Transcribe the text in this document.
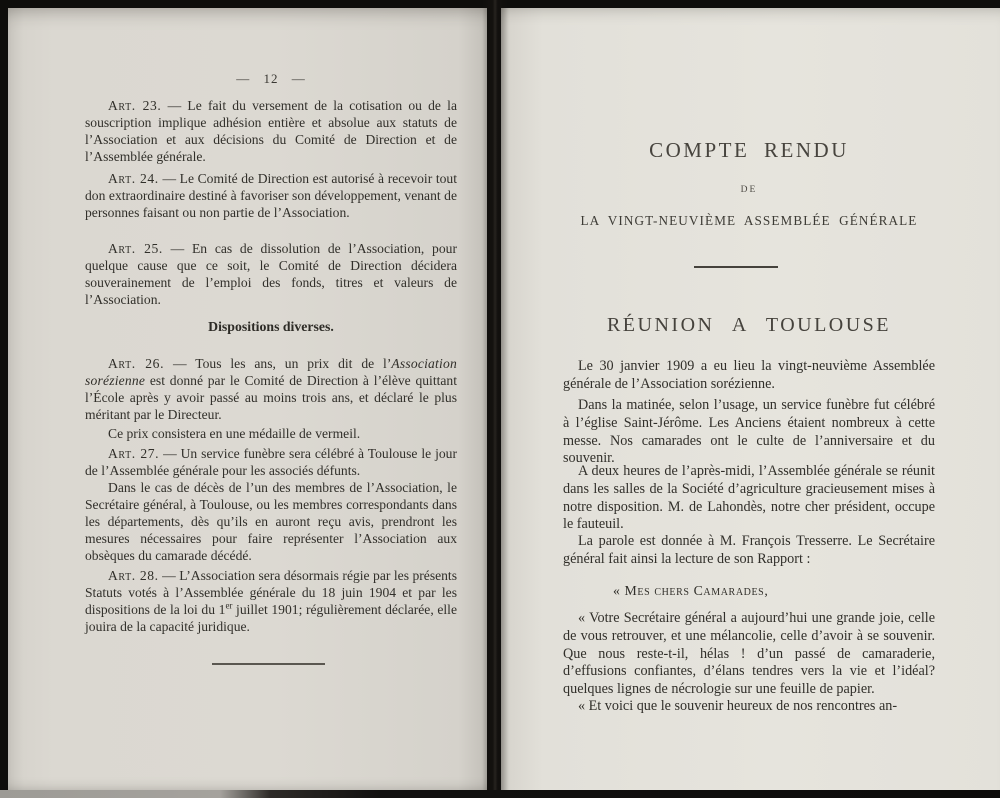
— 12 —

Art. 23. — Le fait du versement de la cotisation ou de la souscription implique adhésion entière et absolue aux statuts de l’Association et aux décisions du Comité de Direction et de l’Assemblée générale.

Art. 24. — Le Comité de Direction est autorisé à recevoir tout don extraordinaire destiné à favoriser son développement, venant de personnes faisant ou non partie de l’Association.

Art. 25. — En cas de dissolution de l’Association, pour quelque cause que ce soit, le Comité de Direction décidera souverainement de l’emploi des fonds, titres et valeurs de l’Association.

Dispositions diverses.

Art. 26. — Tous les ans, un prix dit de l’Association sorézienne est donné par le Comité de Direction à l’élève quittant l’École après y avoir passé au moins trois ans, et déclaré le plus méritant par le Directeur.

Ce prix consistera en une médaille de vermeil.

Art. 27. — Un service funèbre sera célébré à Toulouse le jour de l’Assemblée générale pour les associés défunts.

Dans le cas de décès de l’un des membres de l’Association, le Secrétaire général, à Toulouse, ou les membres correspondants dans les départements, dès qu’ils en auront reçu avis, prendront les mesures nécessaires pour faire représenter l’Association aux obsèques du camarade décédé.

Art. 28. — L’Association sera désormais régie par les présents Statuts votés à l’Assemblée générale du 18 juin 1904 et par les dispositions de la loi du 1er juillet 1901; régulièrement déclarée, elle jouira de la capacité juridique.

COMPTE RENDU
DE
LA VINGT-NEUVIÈME ASSEMBLÉE GÉNÉRALE
RÉUNION A TOULOUSE

Le 30 janvier 1909 a eu lieu la vingt-neuvième Assemblée générale de l’Association sorézienne.

Dans la matinée, selon l’usage, un service funèbre fut célébré à l’église Saint-Jérôme. Les Anciens étaient nombreux à cette messe. Nos camarades ont le culte de l’anniversaire et du souvenir.

A deux heures de l’après-midi, l’Assemblée générale se réunit dans les salles de la Société d’agriculture gracieusement mises à notre disposition. M. de Lahondès, notre cher président, occupe le fauteuil.

La parole est donnée à M. François Tresserre. Le Secrétaire général fait ainsi la lecture de son Rapport :

« Mes chers Camarades,

« Votre Secrétaire général a aujourd’hui une grande joie, celle de vous retrouver, et une mélancolie, celle d’avoir à se souvenir. Que nous reste-t-il, hélas ! d’un passé de camaraderie, d’effusions confiantes, d’élans tendres vers la vie et l’idéal? quelques lignes de nécrologie sur une feuille de papier.

« Et voici que le souvenir heureux de nos rencontres an-
